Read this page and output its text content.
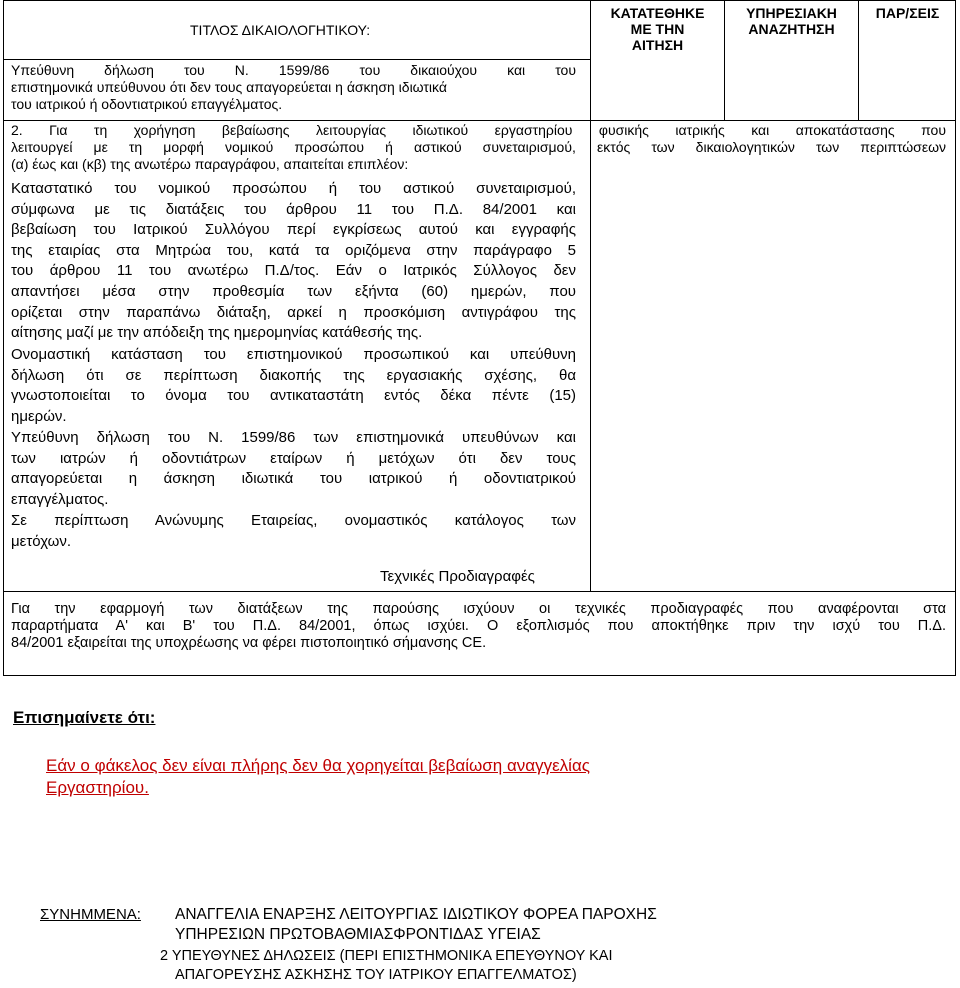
ΤΙΤΛΟΣ ΔΙΚΑΙΟΛΟΓΗΤΙΚΟΥ:
ΚΑΤΑΤΕΘΗΚΕ
ΜΕ ΤΗΝ
ΑΙΤΗΣΗ
ΥΠΗΡΕΣΙΑΚΗ
ΑΝΑΖΗΤΗΣΗ
ΠΑΡ/ΣΕΙΣ
Υπεύθυνη δήλωση του Ν. 1599/86 του δικαιούχου και του
επιστημονικά υπεύθυνου ότι δεν τους απαγορεύεται η άσκηση ιδιωτικά
του ιατρικού ή οδοντιατρικού επαγγέλματος.
2. Για τη χορήγηση βεβαίωσης λειτουργίας ιδιωτικού εργαστηρίου φυσικής ιατρικής και αποκατάστασης που
λειτουργεί με τη μορφή νομικού προσώπου ή αστικού συνεταιρισμού, εκτός των δικαιολογητικών των περιπτώσεων
(α) έως και (κβ) της ανωτέρω παραγράφου, απαιτείται επιπλέον:
Καταστατικό του νομικού προσώπου ή του αστικού συνεταιρισμού,
σύμφωνα με τις διατάξεις του άρθρου 11 του Π.Δ. 84/2001 και
βεβαίωση του Ιατρικού Συλλόγου περί εγκρίσεως αυτού και εγγραφής
της εταιρίας στα Μητρώα του, κατά τα οριζόμενα στην παράγραφο 5
του άρθρου 11 του ανωτέρω Π.Δ/τος. Εάν ο Ιατρικός Σύλλογος δεν
απαντήσει μέσα στην προθεσμία των εξήντα (60) ημερών, που
ορίζεται στην παραπάνω διάταξη, αρκεί η προσκόμιση αντιγράφου της
αίτησης μαζί με την απόδειξη της ημερομηνίας κατάθεσής της.
Ονομαστική κατάσταση του επιστημονικού προσωπικού και υπεύθυνη
δήλωση ότι σε περίπτωση διακοπής της εργασιακής σχέσης, θα
γνωστοποιείται το όνομα του αντικαταστάτη εντός δέκα πέντε (15)
ημερών.
Υπεύθυνη δήλωση του Ν. 1599/86 των επιστημονικά υπευθύνων και
των ιατρών ή οδοντιάτρων εταίρων ή μετόχων ότι δεν τους
απαγορεύεται η άσκηση ιδιωτικά του ιατρικού ή οδοντιατρικού
επαγγέλματος.
Σε περίπτωση Ανώνυμης Εταιρείας, ονομαστικός κατάλογος των
μετόχων.
Τεχνικές Προδιαγραφές
Για την εφαρμογή των διατάξεων της παρούσης ισχύουν οι τεχνικές προδιαγραφές που αναφέρονται στα
παραρτήματα Α' και Β' του Π.Δ. 84/2001, όπως ισχύει. Ο εξοπλισμός που αποκτήθηκε πριν την ισχύ του Π.Δ.
84/2001 εξαιρείται της υποχρέωσης να φέρει πιστοποιητικό σήμανσης CE.
Επισημαίνετε ότι:
Εάν ο φάκελος δεν είναι πλήρης δεν θα χορηγείται βεβαίωση αναγγελίας
Εργαστηρίου.
ΣΥΝΗΜΜΕΝΑ: ΑΝΑΓΓΕΛΙΑ ΕΝΑΡΞΗΣ ΛΕΙΤΟΥΡΓΙΑΣ ΙΔΙΩΤΙΚΟΥ ΦΟΡΕΑ ΠΑΡΟΧΗΣ
ΥΠΗΡΕΣΙΩΝ ΠΡΩΤΟΒΑΘΜΙΑΣΦΡΟΝΤΙΔΑΣ ΥΓΕΙΑΣ
2 ΥΠΕΥΘΥΝΕΣ ΔΗΛΩΣΕΙΣ (ΠΕΡΙ ΕΠΙΣΤΗΜΟΝΙΚΑ ΕΠΕΥΘΥΝΟΥ ΚΑΙ
ΑΠΑΓΟΡΕΥΣΗΣ ΑΣΚΗΣΗΣ ΤΟΥ ΙΑΤΡΙΚΟΥ ΕΠΑΓΓΕΛΜΑΤΟΣ)
